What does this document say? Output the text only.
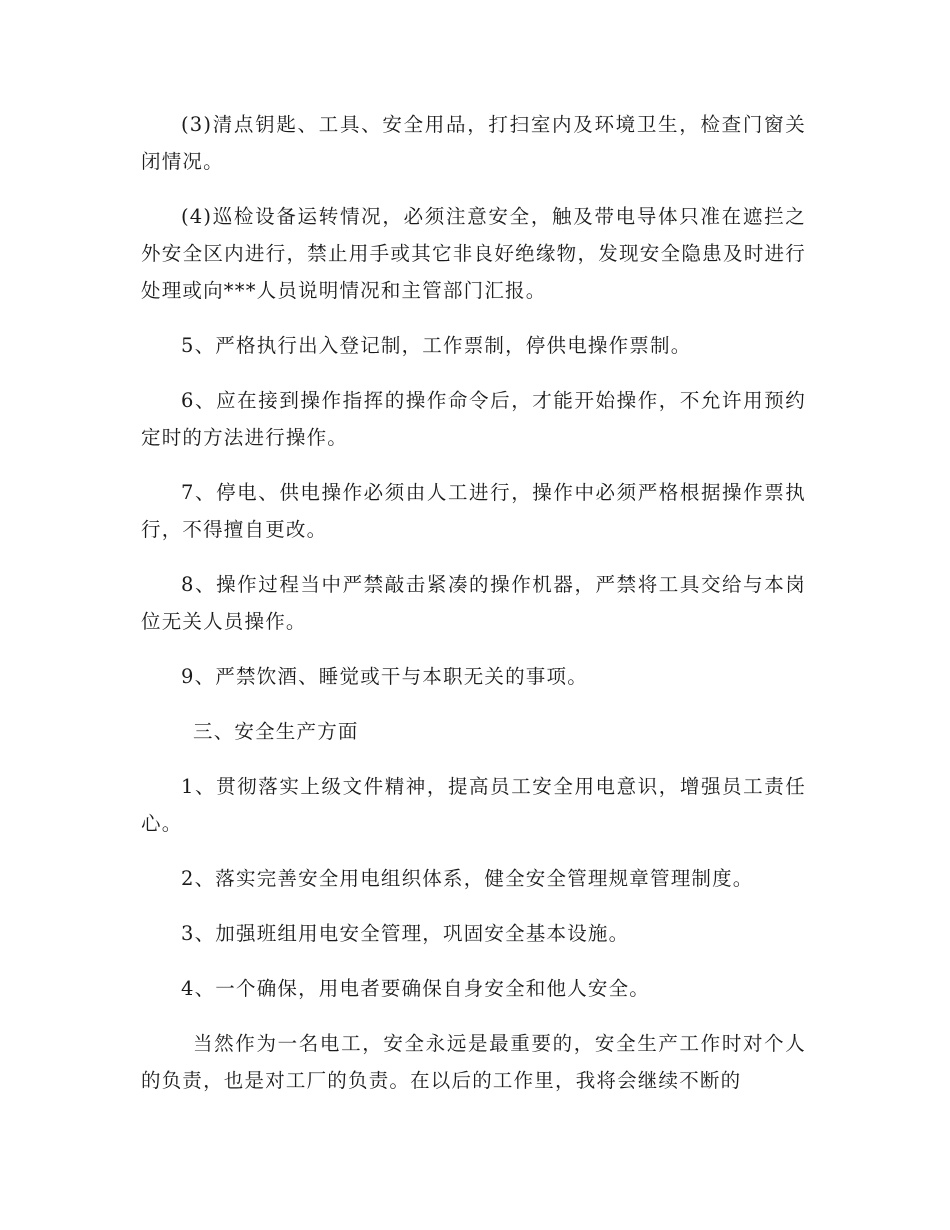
(3)清点钥匙、工具、安全用品，打扫室内及环境卫生，检查门窗关闭情况。

(4)巡检设备运转情况，必须注意安全，触及带电导体只准在遮拦之外安全区内进行，禁止用手或其它非良好绝缘物，发现安全隐患及时进行处理或向***人员说明情况和主管部门汇报。

5、严格执行出入登记制，工作票制，停供电操作票制。

6、应在接到操作指挥的操作命令后，才能开始操作，不允许用预约定时的方法进行操作。

7、停电、供电操作必须由人工进行，操作中必须严格根据操作票执行，不得擅自更改。

8、操作过程当中严禁敲击紧凑的操作机器，严禁将工具交给与本岗位无关人员操作。

9、严禁饮酒、睡觉或干与本职无关的事项。

三、安全生产方面

1、贯彻落实上级文件精神，提高员工安全用电意识，增强员工责任心。

2、落实完善安全用电组织体系，健全安全管理规章管理制度。

3、加强班组用电安全管理，巩固安全基本设施。

4、一个确保，用电者要确保自身安全和他人安全。

当然作为一名电工，安全永远是最重要的，安全生产工作时对个人的负责，也是对工厂的负责。在以后的工作里，我将会继续不断的
